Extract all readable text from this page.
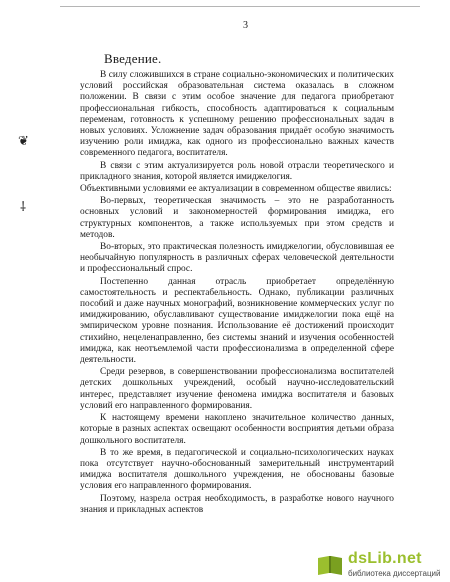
3
Введение.
❦
⸸

В силу сложившихся в стране социально-экономических и политических условий российская образовательная система оказалась в сложном положении. В связи с этим особое значение для педагога приобретают профессиональная гибкость, способность адаптироваться к социальным переменам, готовность к успешному решению профессиональных задач в новых условиях. Усложнение задач образования придаёт особую значимость изучению роли имиджа, как одного из профессионально важных качеств современного педагога, воспитателя.

В связи с этим актуализируется роль новой отрасли теоретического и прикладного знания, которой является имиджелогия.

Объективными условиями ее актуализации в современном обществе явились:

Во-первых, теоретическая значимость – это не разработанность основных условий и закономерностей формирования имиджа, его структурных компонентов, а также используемых при этом средств и методов.

Во-вторых, это практическая полезность имиджелогии, обусловившая ее необычайную популярность в различных сферах человеческой деятельности и профессиональный спрос.

Постепенно данная отрасль приобретает определённую самостоятельность и респектабельность. Однако, публикации различных пособий и даже научных монографий, возникновение коммерческих услуг по имиджированию, обуславливают существование имиджелогии пока ещё на эмпирическом уровне познания. Использование её достижений происходит стихийно, нецеленаправленно, без системы знаний и изучения особенностей имиджа, как неотъемлемой части профессионализма в определенной сфере деятельности.

Среди резервов, в совершенствовании профессионализма воспитателей детских дошкольных учреждений, особый научно-исследовательский интерес, представляет изучение феномена имиджа воспитателя и базовых условий его направленного формирования.

К настоящему времени накоплено значительное количество данных, которые в разных аспектах освещают особенности восприятия детьми образа дошкольного воспитателя.

В то же время, в педагогической и социально-психологических науках пока отсутствует научно-обоснованный замерительный инструментарий имиджа воспитателя дошкольного учреждения, не обоснованы базовые условия его направленного формирования.

Поэтому, назрела острая необходимость, в разработке нового научного знания и прикладных аспектов

dsLib.net
библиотека диссертаций
